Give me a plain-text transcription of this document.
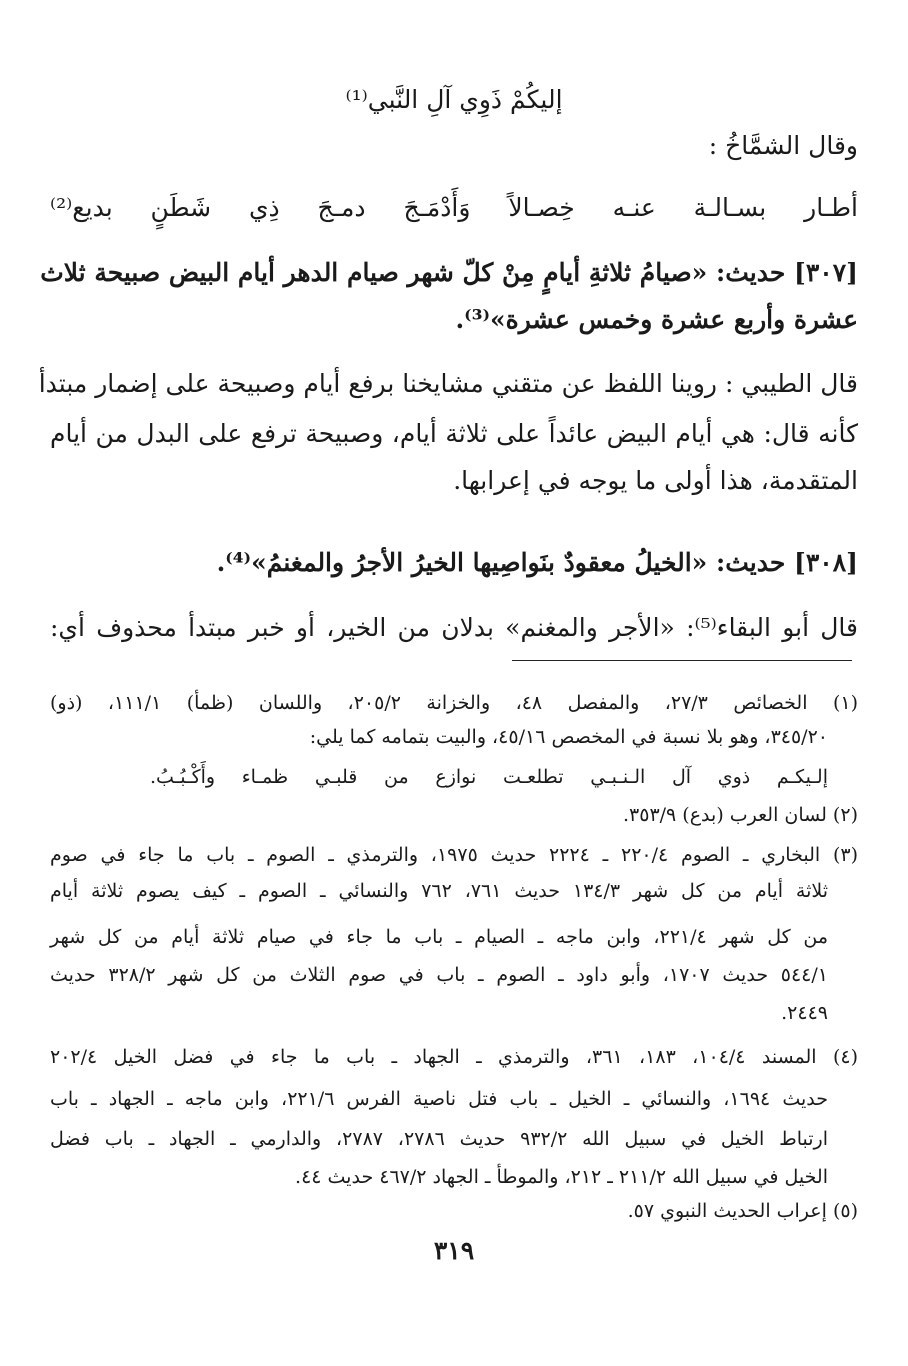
إليكُمْ ذَوِي آلِ النَّبي⁽¹⁾
وقال الشمَّاخُ :
أطـار بسـالـة عنـه خِصـالاً وَأَدْمَـجَ دمـجَ ذِي شَطَنٍ بديع⁽²⁾
[٣٠٧] حديث: «صيامُ ثلاثةِ أيامٍ مِنْ كلّ شهر صيام الدهر أيام البيض صبيحة ثلاث
عشرة وأربع عشرة وخمس عشرة»⁽³⁾.
قال الطيبي : روينا اللفظ عن متقني مشايخنا برفع أيام وصبيحة على إضمار مبتدأ
كأنه قال: هي أيام البيض عائداً على ثلاثة أيام، وصبيحة ترفع على البدل من أيام
المتقدمة، هذا أولى ما يوجه في إعرابها.
[٣٠٨] حديث: «الخيلُ معقودٌ بنَواصِيها الخيرُ الأجرُ والمغنمُ»⁽⁴⁾.
قال أبو البقاء⁽⁵⁾: «الأجر والمغنم» بدلان من الخير، أو خبر مبتدأ محذوف أي:
(١) الخصائص ٢٧/٣، والمفصل ٤٨، والخزانة ٢٠٥/٢، واللسان (ظمأ) ١١١/١، (ذو)
٣٤٥/٢٠، وهو بلا نسبة في المخصص ٤٥/١٦، والبيت بتمامه كما يلي:
إلـيكـم ذوي آل الـنـبـي تطلعـت نوازع من قلبـي ظمـاء وأَكْـبُـبُ.
(٢) لسان العرب (بدع) ٣٥٣/٩.
(٣) البخاري ـ الصوم ٢٢٠/٤ ـ ٢٢٢٤ حديث ١٩٧٥، والترمذي ـ الصوم ـ باب ما جاء في صوم
ثلاثة أيام من كل شهر ١٣٤/٣ حديث ٧٦١، ٧٦٢ والنسائي ـ الصوم ـ كيف يصوم ثلاثة أيام
من كل شهر ٢٢١/٤، وابن ماجه ـ الصيام ـ باب ما جاء في صيام ثلاثة أيام من كل شهر
٥٤٤/١ حديث ١٧٠٧، وأبو داود ـ الصوم ـ باب في صوم الثلاث من كل شهر ٣٢٨/٢ حديث
٢٤٤٩.
(٤) المسند ١٠٤/٤، ١٨٣، ٣٦١، والترمذي ـ الجهاد ـ باب ما جاء في فضل الخيل ٢٠٢/٤
حديث ١٦٩٤، والنسائي ـ الخيل ـ باب فتل ناصية الفرس ٢٢١/٦، وابن ماجه ـ الجهاد ـ باب
ارتباط الخيل في سبيل الله ٩٣٢/٢ حديث ٢٧٨٦، ٢٧٨٧، والدارمي ـ الجهاد ـ باب فضل
الخيل في سبيل الله ٢١١/٢ ـ ٢١٢، والموطأ ـ الجهاد ٤٦٧/٢ حديث ٤٤.
(٥) إعراب الحديث النبوي ٥٧.
٣١٩
